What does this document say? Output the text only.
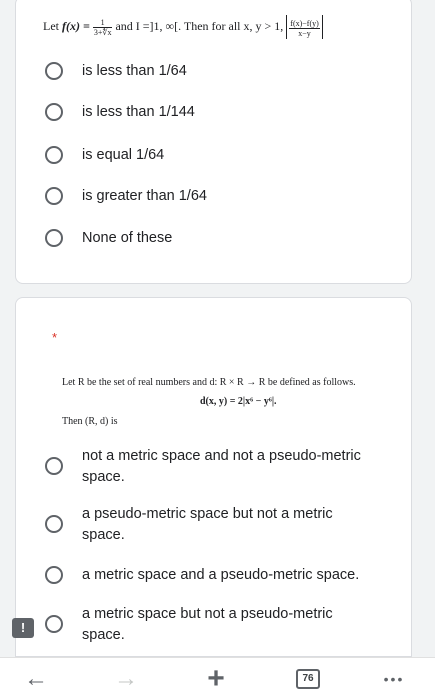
Let $f(x) = \frac{1}{3+∜x}$ and I =]1, ∞[. Then for all x, y > 1, $\frac{f(x)-f(y)}{x-y}$
is less than 1/64
is less than 1/144
is equal 1/64
is greater than 1/64
None of these
*
Let R be the set of real numbers and d: R × R → R be defined as follows.
d(x, y) = 2|x⁶ − y⁶|.
Then (R, d) is
not a metric space and not a pseudo-metric space.
a pseudo-metric space but not a metric space.
a metric space and a pseudo-metric space.
a metric space but not a pseudo-metric space.
!
←	→ +	76	•••
